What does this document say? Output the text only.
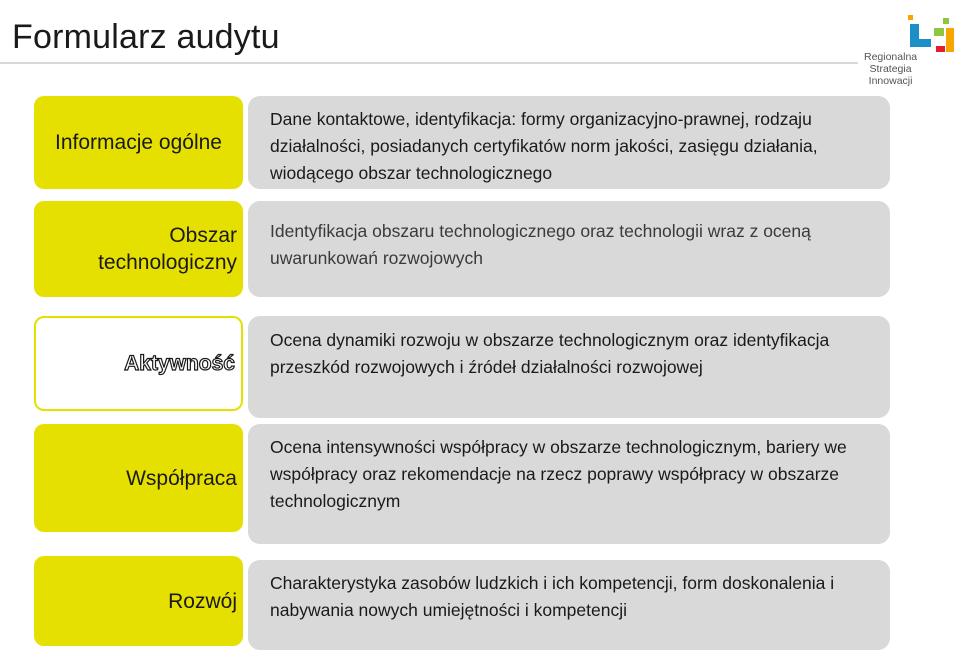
Formularz audytu
Regionalna
Strategia
Innowacji
Informacje ogólne
Dane kontaktowe, identyfikacja: formy organizacyjno-prawnej, rodzaju działalności, posiadanych certyfikatów norm jakości, zasięgu działania, wiodącego obszar technologicznego
Obszar technologiczny
Identyfikacja obszaru technologicznego oraz technologii wraz z oceną uwarunkowań rozwojowych
Aktywność
Ocena dynamiki rozwoju w obszarze technologicznym oraz identyfikacja przeszkód rozwojowych i źródeł działalności rozwojowej
Współpraca
Ocena intensywności współpracy w obszarze technologicznym, bariery we współpracy oraz rekomendacje na rzecz poprawy współpracy w obszarze technologicznym
Rozwój
Charakterystyka zasobów ludzkich i ich kompetencji, form doskonalenia i nabywania nowych umiejętności i kompetencji
